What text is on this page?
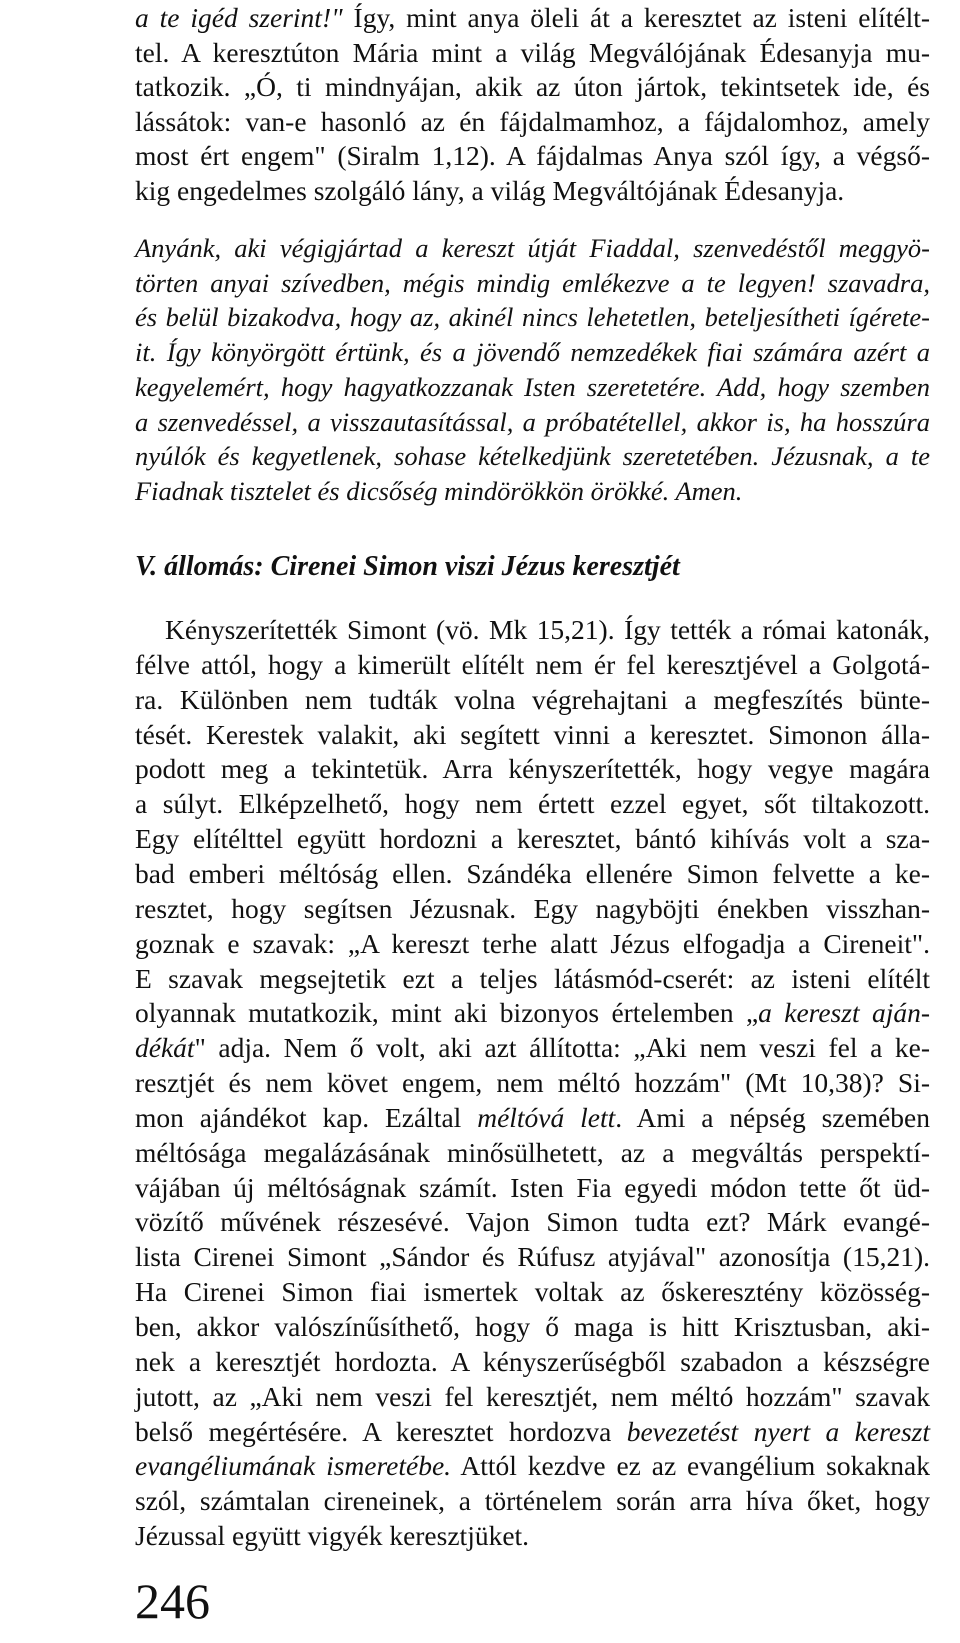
a te igéd szerint!" Így, mint anya öleli át a keresztet az isteni elítélt-
tel. A keresztúton Mária mint a világ Megválójának Édesanyja mu-
tatkozik. „Ó, ti mindnyájan, akik az úton jártok, tekintsetek ide, és
lássátok: van-e hasonló az én fájdalmamhoz, a fájdalomhoz, amely
most ért engem" (Siralm 1,12). A fájdalmas Anya szól így, a végső-
kig engedelmes szolgáló lány, a világ Megváltójának Édesanyja.
Anyánk, aki végigjártad a kereszt útját Fiaddal, szenvedéstől meggyö-
törten anyai szívedben, mégis mindig emlékezve a te legyen! szavadra,
és belül bizakodva, hogy az, akinél nincs lehetetlen, beteljesítheti ígérete-
it. Így könyörgött értünk, és a jövendő nemzedékek fiai számára azért a
kegyelemért, hogy hagyatkozzanak Isten szeretetére. Add, hogy szemben
a szenvedéssel, a visszautasítással, a próbatétellel, akkor is, ha hosszúra
nyúlók és kegyetlenek, sohase kételkedjünk szeretetében. Jézusnak, a te
Fiadnak tisztelet és dicsőség mindörökkön örökké. Amen.
V. állomás: Cirenei Simon viszi Jézus keresztjét
Kényszerítették Simont (vö. Mk 15,21). Így tették a római katonák,
félve attól, hogy a kimerült elítélt nem ér fel keresztjével a Golgotá-
ra. Különben nem tudták volna végrehajtani a megfeszítés bünte-
tését. Kerestek valakit, aki segített vinni a keresztet. Simonon álla-
podott meg a tekintetük. Arra kényszerítették, hogy vegye magára
a súlyt. Elképzelhető, hogy nem értett ezzel egyet, sőt tiltakozott.
Egy elítélttel együtt hordozni a keresztet, bántó kihívás volt a sza-
bad emberi méltóság ellen. Szándéka ellenére Simon felvette a ke-
resztet, hogy segítsen Jézusnak. Egy nagyböjti énekben visszhan-
goznak e szavak: „A kereszt terhe alatt Jézus elfogadja a Cireneit".
E szavak megsejtetik ezt a teljes látásmód-cserét: az isteni elítélt
olyannak mutatkozik, mint aki bizonyos értelemben „a kereszt aján-
dékát" adja. Nem ő volt, aki azt állította: „Aki nem veszi fel a ke-
resztjét és nem követ engem, nem méltó hozzám" (Mt 10,38)? Si-
mon ajándékot kap. Ezáltal méltóvá lett. Ami a népség szemében
méltósága megalázásának minősülhetett, az a megváltás perspektí-
vájában új méltóságnak számít. Isten Fia egyedi módon tette őt üd-
vözítő művének részesévé. Vajon Simon tudta ezt? Márk evangé-
lista Cirenei Simont „Sándor és Rúfusz atyjával" azonosítja (15,21).
Ha Cirenei Simon fiai ismertek voltak az őskeresztény közösség-
ben, akkor valószínűsíthető, hogy ő maga is hitt Krisztusban, aki-
nek a keresztjét hordozta. A kényszerűségből szabadon a készségre
jutott, az „Aki nem veszi fel keresztjét, nem méltó hozzám" szavak
belső megértésére. A keresztet hordozva bevezetést nyert a kereszt
evangéliumának ismeretébe. Attól kezdve ez az evangélium sokaknak
szól, számtalan cireneinek, a történelem során arra híva őket, hogy
Jézussal együtt vigyék keresztjüket.
246
